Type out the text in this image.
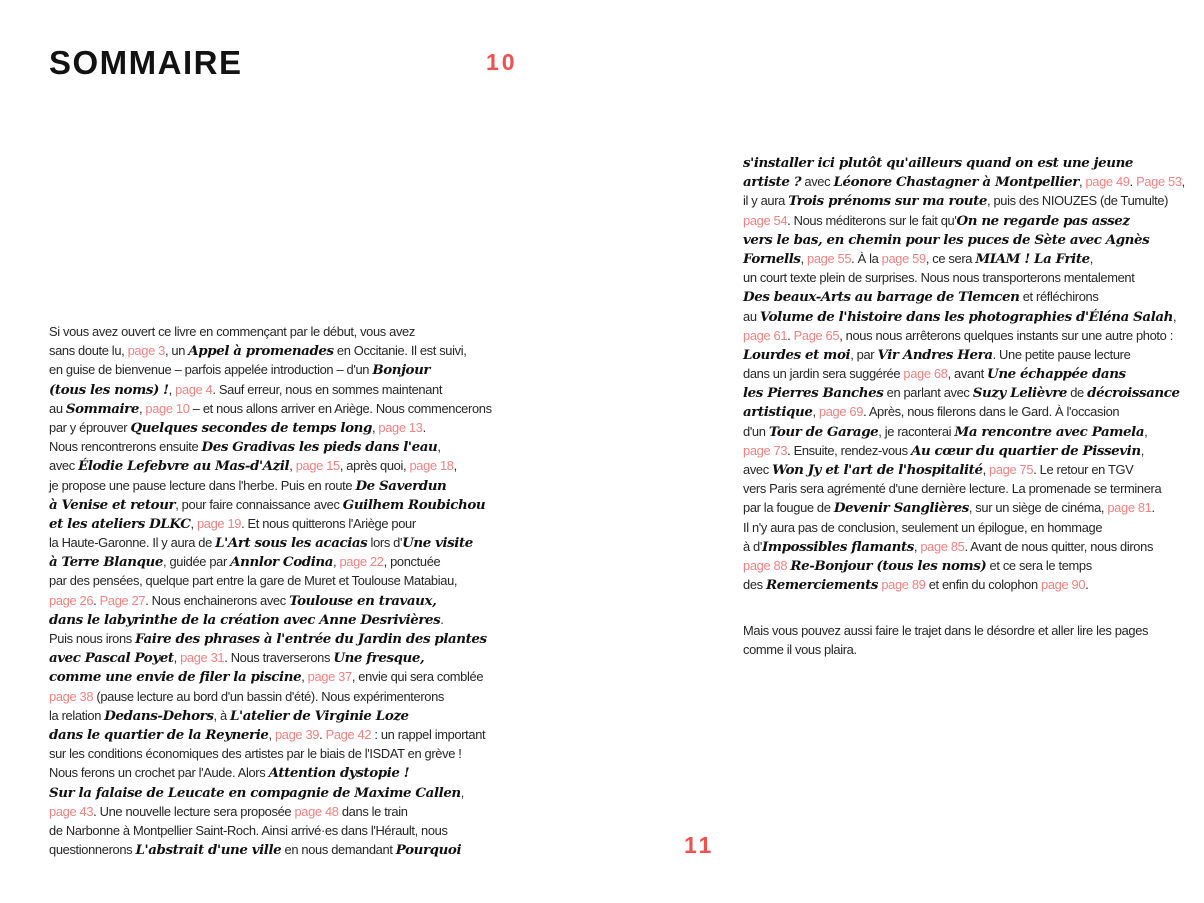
SOMMAIRE	10
Si vous avez ouvert ce livre en commençant par le début, vous avez
sans doute lu, page 3, un Appel à promenades en Occitanie. Il est suivi,
en guise de bienvenue – parfois appelée introduction – d'un Bonjour
(tous les noms) !, page 4. Sauf erreur, nous en sommes maintenant
au Sommaire, page 10 – et nous allons arriver en Ariège. Nous commencerons
par y éprouver Quelques secondes de temps long, page 13.
Nous rencontrerons ensuite Des Gradivas les pieds dans l'eau,
avec Élodie Lefebvre au Mas-d'Azil, page 15, après quoi, page 18,
je propose une pause lecture dans l'herbe. Puis en route De Saverdun
à Venise et retour, pour faire connaissance avec Guilhem Roubichou
et les ateliers DLKC, page 19. Et nous quitterons l'Ariège pour
la Haute-Garonne. Il y aura de L'Art sous les acacias lors d'Une visite
à Terre Blanque, guidée par Annlor Codina, page 22, ponctuée
par des pensées, quelque part entre la gare de Muret et Toulouse Matabiau,
page 26. Page 27. Nous enchainerons avec Toulouse en travaux,
dans le labyrinthe de la création avec Anne Desrivières.
Puis nous irons Faire des phrases à l'entrée du Jardin des plantes
avec Pascal Poyet, page 31. Nous traverserons Une fresque,
comme une envie de filer la piscine, page 37, envie qui sera comblée
page 38 (pause lecture au bord d'un bassin d'été). Nous expérimenterons
la relation Dedans-Dehors, à L'atelier de Virginie Loze
dans le quartier de la Reynerie, page 39. Page 42 : un rappel important
sur les conditions économiques des artistes par le biais de l'ISDAT en grève !
Nous ferons un crochet par l'Aude. Alors Attention dystopie !
Sur la falaise de Leucate en compagnie de Maxime Callen,
page 43. Une nouvelle lecture sera proposée page 48 dans le train
de Narbonne à Montpellier Saint-Roch. Ainsi arrivé·es dans l'Hérault, nous
questionnerons L'abstrait d'une ville en nous demandant Pourquoi
s'installer ici plutôt qu'ailleurs quand on est une jeune
artiste ? avec Léonore Chastagner à Montpellier, page 49. Page 53,
il y aura Trois prénoms sur ma route, puis des NIOUZES (de Tumulte)
page 54. Nous méditerons sur le fait qu'On ne regarde pas assez
vers le bas, en chemin pour les puces de Sète avec Agnès
Fornells, page 55. À la page 59, ce sera MIAM ! La Frite,
un court texte plein de surprises. Nous nous transporterons mentalement
Des beaux-Arts au barrage de Tlemcen et réfléchirons
au Volume de l'histoire dans les photographies d'Éléna Salah,
page 61. Page 65, nous nous arrêterons quelques instants sur une autre photo :
Lourdes et moi, par Vir Andres Hera. Une petite pause lecture
dans un jardin sera suggérée page 68, avant Une échappée dans
les Pierres Banches en parlant avec Suzy Lelièvre de décroissance
artistique, page 69. Après, nous filerons dans le Gard. À l'occasion
d'un Tour de Garage, je raconterai Ma rencontre avec Pamela,
page 73. Ensuite, rendez-vous Au cœur du quartier de Pissevin,
avec Won Jy et l'art de l'hospitalité, page 75. Le retour en TGV
vers Paris sera agrémenté d'une dernière lecture. La promenade se terminera
par la fougue de Devenir Sanglières, sur un siège de cinéma, page 81.
Il n'y aura pas de conclusion, seulement un épilogue, en hommage
à d'Impossibles flamants, page 85. Avant de nous quitter, nous dirons
page 88 Re-Bonjour (tous les noms) et ce sera le temps
des Remerciements page 89 et enfin du colophon page 90.
Mais vous pouvez aussi faire le trajet dans le désordre et aller lire les pages
comme il vous plaira.
11
